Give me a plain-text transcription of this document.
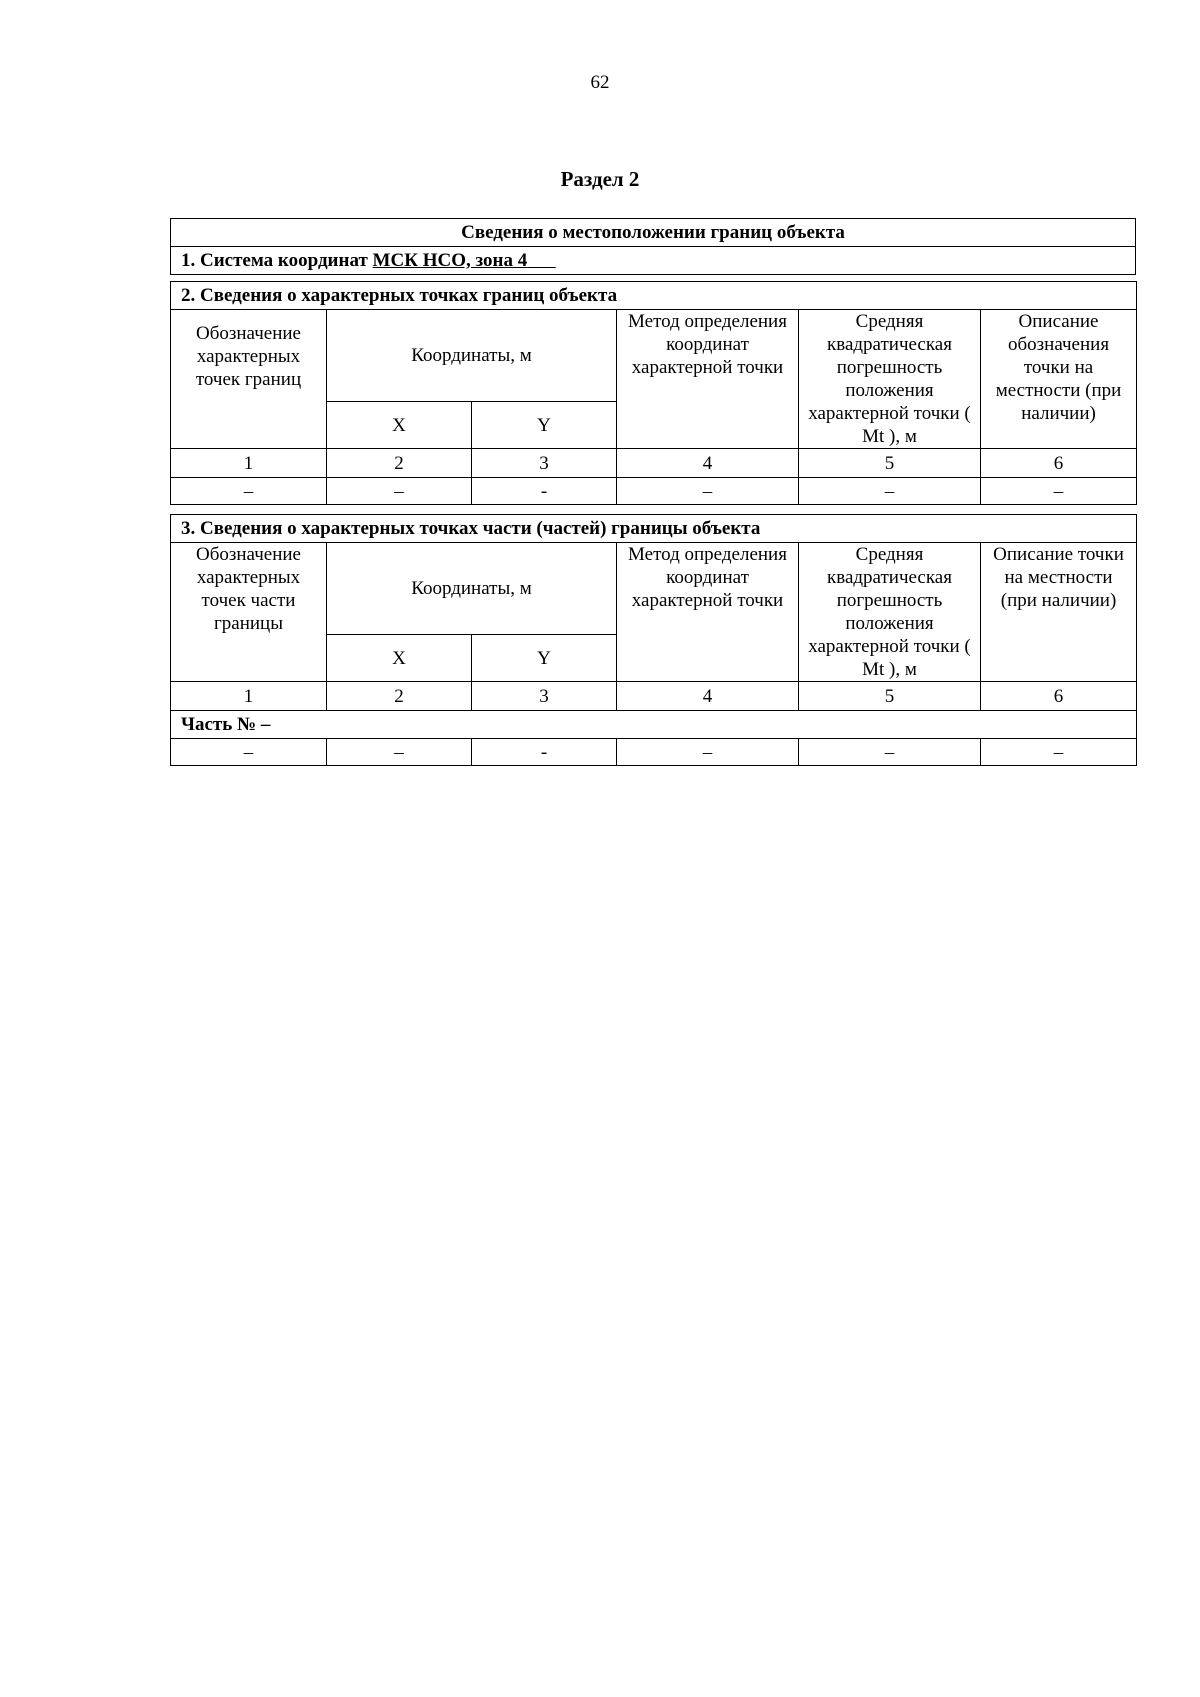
62
Раздел 2
Сведения о местоположении границ объекта
1. Система координат МСК НСО, зона 4
2. Сведения о характерных точках границ объекта					
Обозначение характерных точек границ	Координаты, м		Метод определения координат характерной точки	Средняя квадратическая погрешность положения характерной точки ( Mt ), м	Описание обозначения точки на местности (при наличии)
	X	Y			
1	2	3	4	5	6
–	–	-	–	–	–
3. Сведения о характерных точках части (частей) границы объекта					
Обозначение характерных точек части границы	Координаты, м		Метод определения координат характерной точки	Средняя квадратическая погрешность положения характерной точки ( Mt ), м	Описание точки на местности (при наличии)
	X	Y			
1	2	3	4	5	6
Часть № –					
–	–	-	–	–	–
